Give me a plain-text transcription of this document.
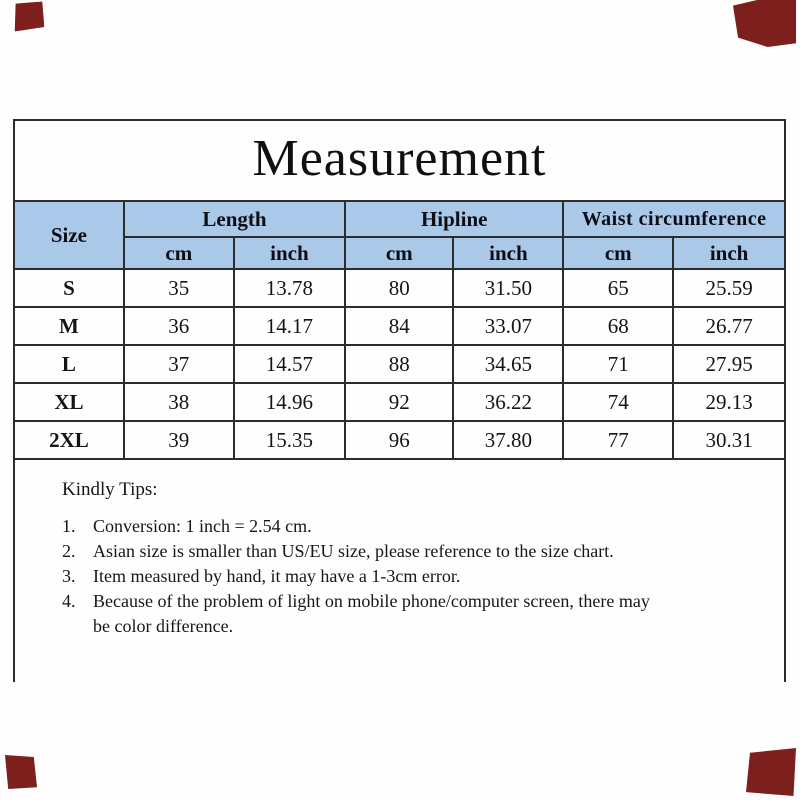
Measurement
Size	Length		Hipline		Waist circumference	
	cm	inch	cm	inch	cm	inch
S	35	13.78	80	31.50	65	25.59
M	36	14.17	84	33.07	68	26.77
L	37	14.57	88	34.65	71	27.95
XL	38	14.96	92	36.22	74	29.13
2XL	39	15.35	96	37.80	77	30.31
Kindly Tips:
1. Conversion: 1 inch = 2.54 cm.
2. Asian size is smaller than US/EU size, please reference to the size chart.
3. Item measured by hand, it may have a 1-3cm error.
4. Because of the problem of light on mobile phone/computer screen, there may be color difference.
